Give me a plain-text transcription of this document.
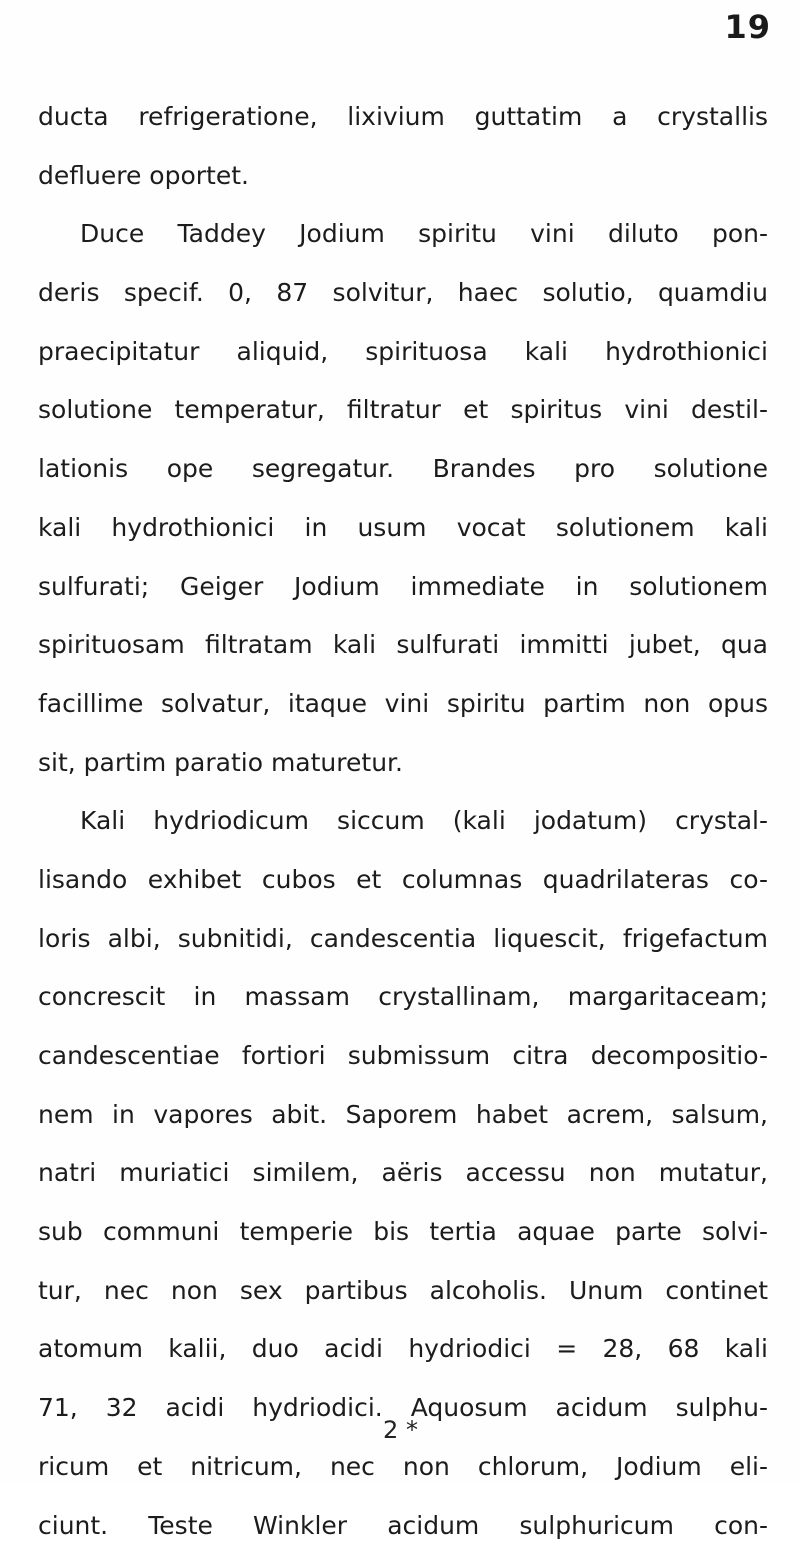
19
ducta refrigeratione, lixivium guttatim a crystallis
defluere oportet.
Duce Taddey Jodium spiritu vini diluto pon-
deris specif. 0, 87 solvitur, haec solutio, quamdiu
praecipitatur aliquid, spirituosa kali hydrothionici
solutione temperatur, filtratur et spiritus vini destil-
lationis ope segregatur. Brandes pro solutione
kali hydrothionici in usum vocat solutionem kali
sulfurati; Geiger Jodium immediate in solutionem
spirituosam filtratam kali sulfurati immitti jubet, qua
facillime solvatur, itaque vini spiritu partim non opus
sit, partim paratio maturetur.
Kali hydriodicum siccum (kali jodatum) crystal-
lisando exhibet cubos et columnas quadrilateras co-
loris albi, subnitidi, candescentia liquescit, frigefactum
concrescit in massam crystallinam, margaritaceam;
candescentiae fortiori submissum citra decompositio-
nem in vapores abit. Saporem habet acrem, salsum,
natri muriatici similem, aëris accessu non mutatur,
sub communi temperie bis tertia aquae parte solvi-
tur, nec non sex partibus alcoholis. Unum continet
atomum kalii, duo acidi hydriodici = 28, 68 kali
71, 32 acidi hydriodici. Aquosum acidum sulphu-
ricum et nitricum, nec non chlorum, Jodium eli-
ciunt. Teste Winkler acidum sulphuricum con-
2 *
